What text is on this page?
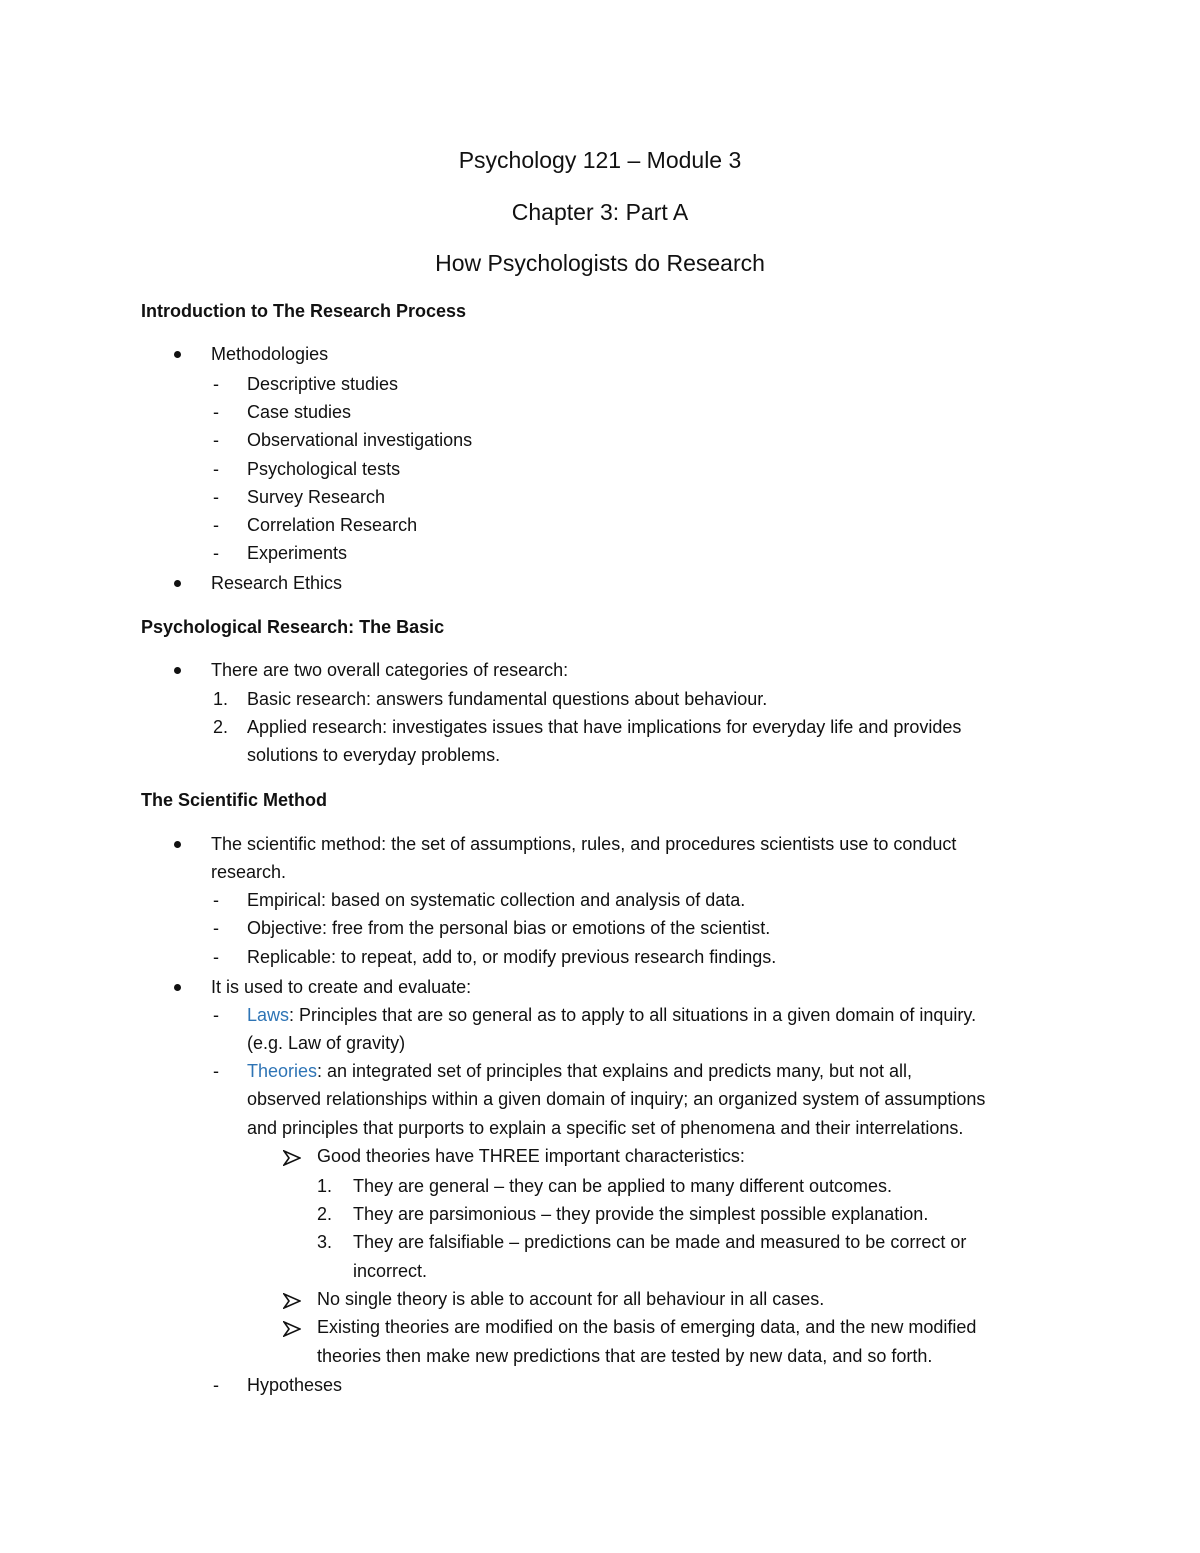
Psychology 121 – Module 3
Chapter 3: Part A
How Psychologists do Research
Introduction to The Research Process
Methodologies
- Descriptive studies
- Case studies
- Observational investigations
- Psychological tests
- Survey Research
- Correlation Research
- Experiments
Research Ethics
Psychological Research: The Basic
There are two overall categories of research:
1. Basic research: answers fundamental questions about behaviour.
2. Applied research: investigates issues that have implications for everyday life and provides
solutions to everyday problems.
The Scientific Method
The scientific method: the set of assumptions, rules, and procedures scientists use to conduct
research.
- Empirical: based on systematic collection and analysis of data.
- Objective: free from the personal bias or emotions of the scientist.
- Replicable: to repeat, add to, or modify previous research findings.
It is used to create and evaluate:
- Laws: Principles that are so general as to apply to all situations in a given domain of inquiry.
(e.g. Law of gravity)
- Theories: an integrated set of principles that explains and predicts many, but not all,
observed relationships within a given domain of inquiry; an organized system of assumptions
and principles that purports to explain a specific set of phenomena and their interrelations.
Good theories have THREE important characteristics:
1. They are general – they can be applied to many different outcomes.
2. They are parsimonious – they provide the simplest possible explanation.
3. They are falsifiable – predictions can be made and measured to be correct or
incorrect.
No single theory is able to account for all behaviour in all cases.
Existing theories are modified on the basis of emerging data, and the new modified
theories then make new predictions that are tested by new data, and so forth.
- Hypotheses
